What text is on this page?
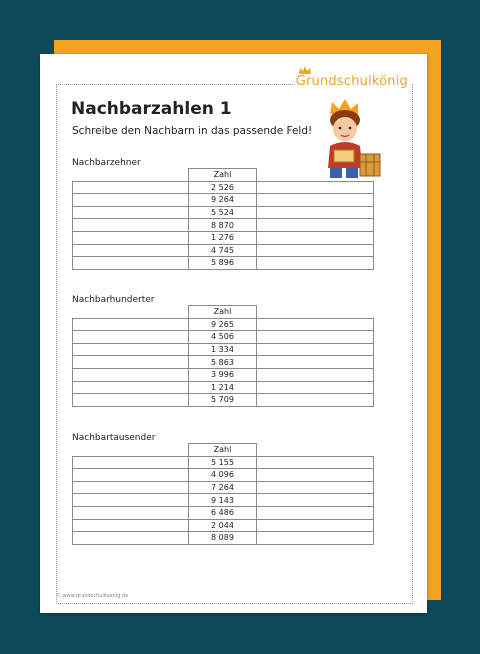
Grundschulkönig
Nachbarzahlen 1
Schreibe den Nachbarn in das passende Feld!
Nachbarzehner
	Zahl	
	2 526	
	9 264	
	5 524	
	8 870	
	1 276	
	4 745	
	5 896	
Nachbarhunderter
	Zahl	
	9 265	
	4 506	
	1 334	
	5 863	
	3 996	
	1 214	
	5 709	
Nachbartausender
	Zahl	
	5 155	
	4 096	
	7 264	
	9 143	
	6 486	
	2 044	
	8 089	
© www.grundschulkoenig.de
